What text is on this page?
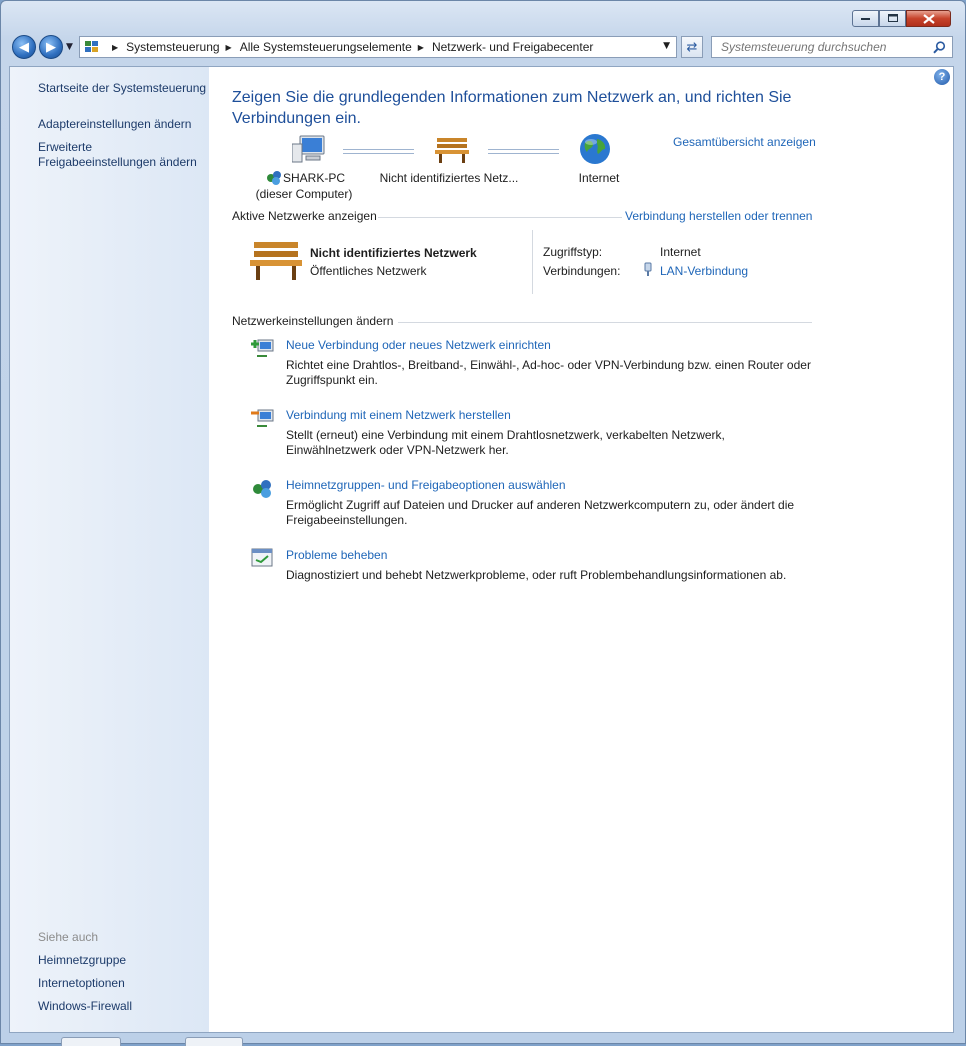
◀ ▶ ▼	▶ Systemsteuerung ▶ Alle Systemsteuerungselemente ▶ Netzwerk- und Freigabecenter	▼ ⇄
Systemsteuerung durchsuchen
Startseite der Systemsteuerung
Adaptereinstellungen ändern
Erweiterte
Freigabeeinstellungen ändern
Siehe auch
Heimnetzgruppe
Internetoptionen
Windows-Firewall
?
Zeigen Sie die grundlegenden Informationen zum Netzwerk an, und richten Sie Verbindungen ein.
SHARK-PC
(dieser Computer)
Nicht identifiziertes Netz...	Internet
Gesamtübersicht anzeigen
Aktive Netzwerke anzeigen	Verbindung herstellen oder trennen
Nicht identifiziertes Netzwerk
Öffentliches Netzwerk
Zugriffstyp:	Internet
Verbindungen:	LAN-Verbindung
Netzwerkeinstellungen ändern
Neue Verbindung oder neues Netzwerk einrichten
Richtet eine Drahtlos-, Breitband-, Einwähl-, Ad-hoc- oder VPN-Verbindung bzw. einen Router oder Zugriffspunkt ein.
Verbindung mit einem Netzwerk herstellen
Stellt (erneut) eine Verbindung mit einem Drahtlosnetzwerk, verkabelten Netzwerk, Einwählnetzwerk oder VPN-Netzwerk her.
Heimnetzgruppen- und Freigabeoptionen auswählen
Ermöglicht Zugriff auf Dateien und Drucker auf anderen Netzwerkcomputern zu, oder ändert die Freigabeeinstellungen.
Probleme beheben
Diagnostiziert und behebt Netzwerkprobleme, oder ruft Problembehandlungsinformationen ab.
